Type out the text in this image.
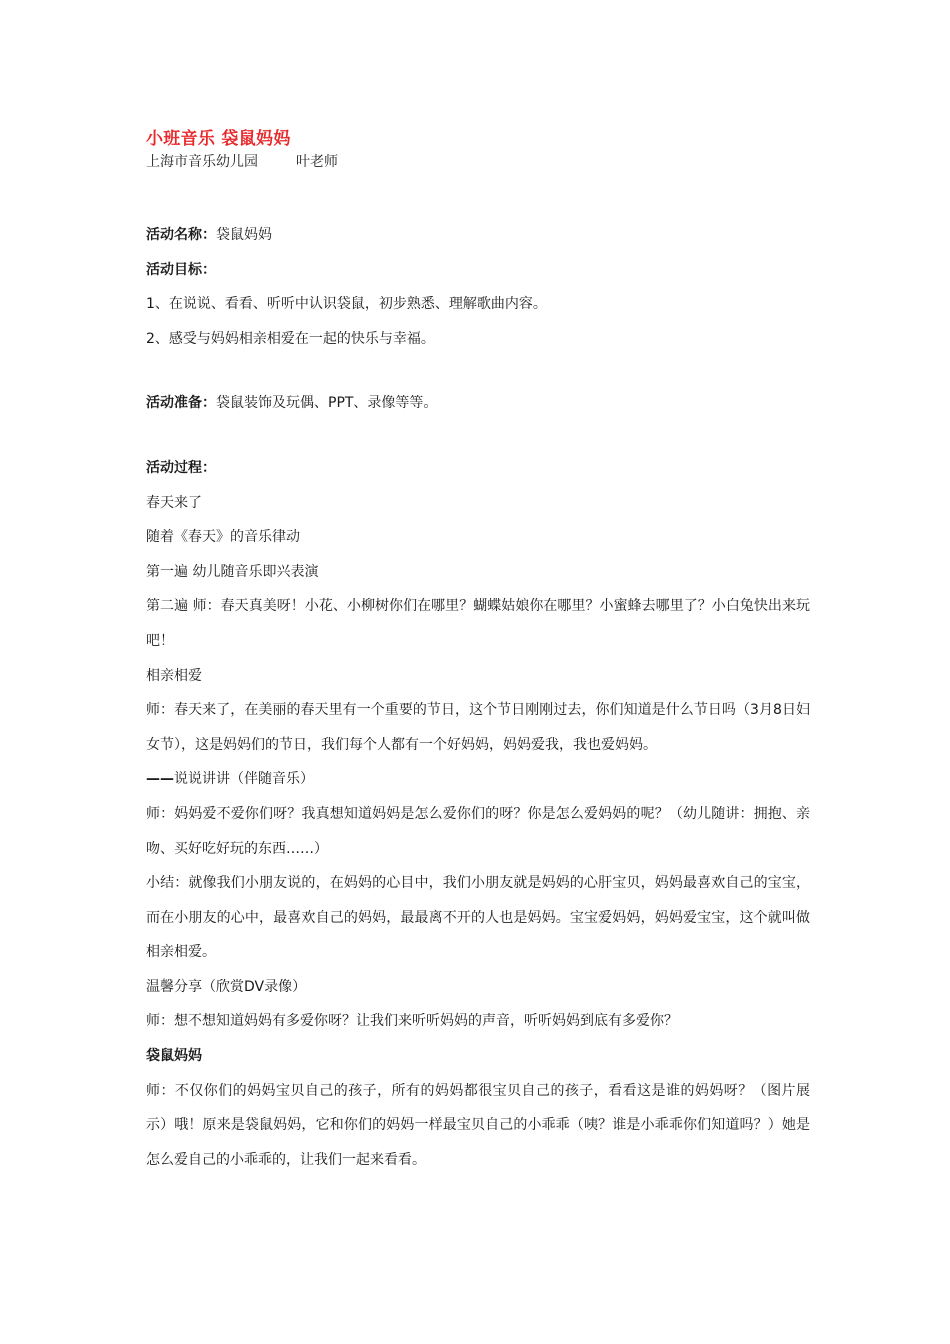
小班音乐 袋鼠妈妈
上海市音乐幼儿园	叶老师

活动名称：袋鼠妈妈

活动目标：

1、在说说、看看、听听中认识袋鼠，初步熟悉、理解歌曲内容。

2、感受与妈妈相亲相爱在一起的快乐与幸福。

活动准备：袋鼠装饰及玩偶、PPT、录像等等。

活动过程：

春天来了

随着《春天》的音乐律动

第一遍 幼儿随音乐即兴表演

第二遍 师：春天真美呀！小花、小柳树你们在哪里？蝴蝶姑娘你在哪里？小蜜蜂去哪里了？小白兔快出来玩吧！

相亲相爱

师：春天来了，在美丽的春天里有一个重要的节日，这个节日刚刚过去，你们知道是什么节日吗（3月8日妇女节），这是妈妈们的节日，我们每个人都有一个好妈妈，妈妈爱我，我也爱妈妈。

——说说讲讲（伴随音乐）

师：妈妈爱不爱你们呀？我真想知道妈妈是怎么爱你们的呀？你是怎么爱妈妈的呢？（幼儿随讲：拥抱、亲吻、买好吃好玩的东西……）

小结：就像我们小朋友说的，在妈妈的心目中，我们小朋友就是妈妈的心肝宝贝，妈妈最喜欢自己的宝宝，而在小朋友的心中，最喜欢自己的妈妈，最最离不开的人也是妈妈。宝宝爱妈妈，妈妈爱宝宝，这个就叫做相亲相爱。

温馨分享（欣赏DV录像）

师：想不想知道妈妈有多爱你呀？让我们来听听妈妈的声音，听听妈妈到底有多爱你？

袋鼠妈妈

师：不仅你们的妈妈宝贝自己的孩子，所有的妈妈都很宝贝自己的孩子，看看这是谁的妈妈呀？（图片展示）哦！原来是袋鼠妈妈，它和你们的妈妈一样最宝贝自己的小乖乖（咦？谁是小乖乖你们知道吗？）她是怎么爱自己的小乖乖的，让我们一起来看看。
